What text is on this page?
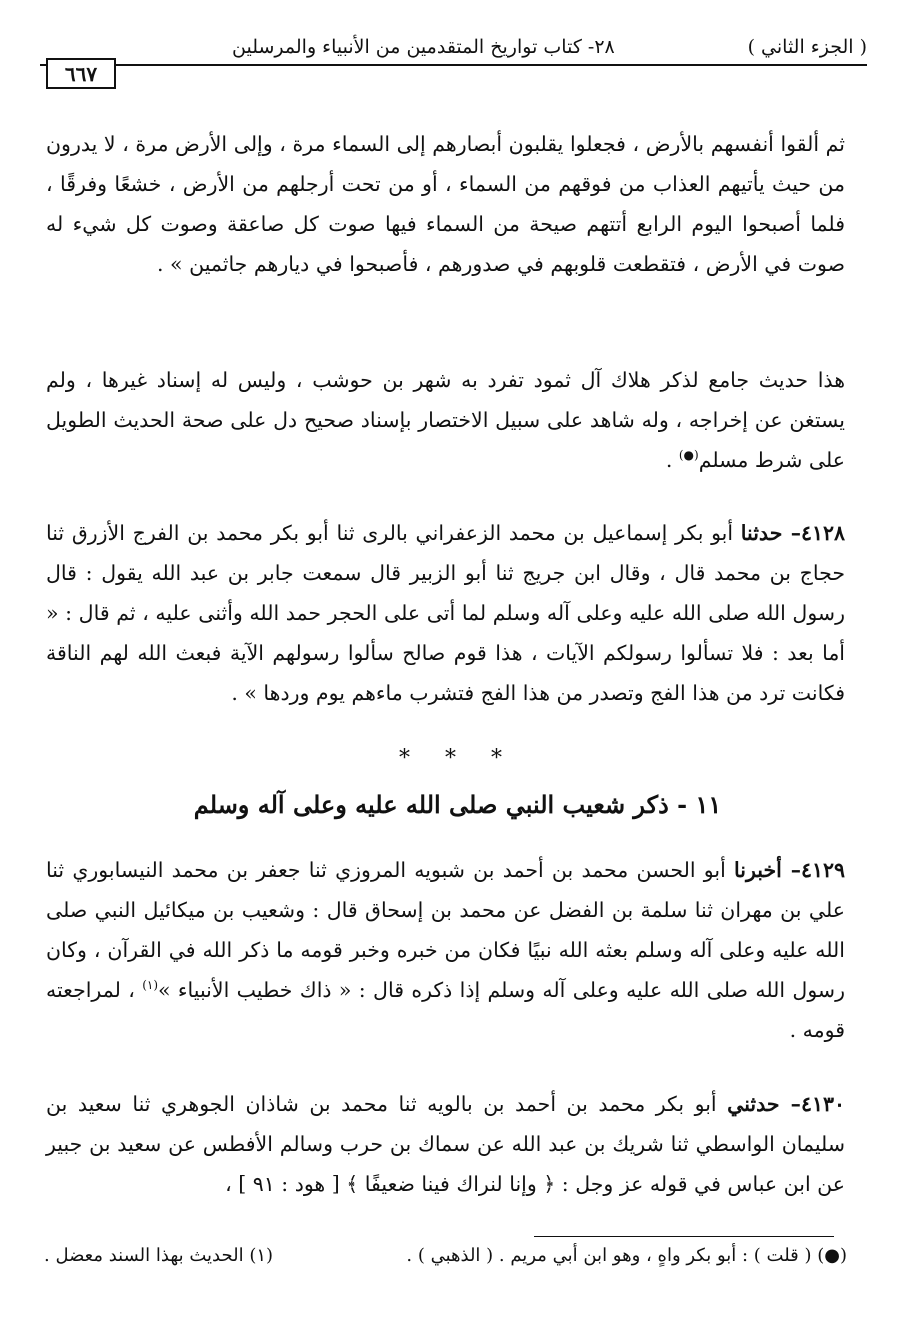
( الجزء الثاني )
٢٨- كتاب تواريخ المتقدمين من الأنبياء والمرسلين
٦٦٧

ثم ألقوا أنفسهم بالأرض ، فجعلوا يقلبون أبصارهم إلى السماء مرة ، وإلى الأرض مرة ، لا يدرون من حيث يأتيهم العذاب من فوقهم من السماء ، أو من تحت أرجلهم من الأرض ، خشعًا وفرقًا ، فلما أصبحوا اليوم الرابع أتتهم صيحة من السماء فيها صوت كل صاعقة وصوت كل شيء له صوت في الأرض ، فتقطعت قلوبهم في صدورهم ، فأصبحوا في ديارهم جاثمين » .

هذا حديث جامع لذكر هلاك آل ثمود تفرد به شهر بن حوشب ، وليس له إسناد غيرها ، ولم يستغن عن إخراجه ، وله شاهد على سبيل الاختصار بإسناد صحيح دل على صحة الحديث الطويل على شرط مسلم(●) .

٤١٢٨– حدثنا أبو بكر إسماعيل بن محمد الزعفراني بالرى ثنا أبو بكر محمد بن الفرج الأزرق ثنا حجاج بن محمد قال ، وقال ابن جريج ثنا أبو الزبير قال سمعت جابر بن عبد الله يقول : قال رسول الله صلى الله عليه وعلى آله وسلم لما أتى على الحجر حمد الله وأثنى عليه ، ثم قال : « أما بعد : فلا تسألوا رسولكم الآيات ، هذا قوم صالح سألوا رسولهم الآية فبعث الله لهم الناقة فكانت ترد من هذا الفج وتصدر من هذا الفج فتشرب ماءهم يوم وردها » .

* * *
١١ - ذكر شعيب النبي صلى الله عليه وعلى آله وسلم

٤١٢٩– أخبرنا أبو الحسن محمد بن أحمد بن شبويه المروزي ثنا جعفر بن محمد النيسابوري ثنا علي بن مهران ثنا سلمة بن الفضل عن محمد بن إسحاق قال : وشعيب بن ميكائيل النبي صلى الله عليه وعلى آله وسلم بعثه الله نبيًا فكان من خبره وخبر قومه ما ذكر الله في القرآن ، وكان رسول الله صلى الله عليه وعلى آله وسلم إذا ذكره قال : « ذاك خطيب الأنبياء »$^{(١)}$ ، لمراجعته قومه .

٤١٣٠– حدثني أبو بكر محمد بن أحمد بن بالويه ثنا محمد بن شاذان الجوهري ثنا سعيد بن سليمان الواسطي ثنا شريك بن عبد الله عن سماك بن حرب وسالم الأفطس عن سعيد بن جبير عن ابن عباس في قوله عز وجل : ﴿ وإنا لنراك فينا ضعيفًا ﴾ [ هود : ٩١ ] ،

(●) ( قلت ) : أبو بكر واهٍ ، وهو ابن أبي مريم . ( الذهبي ) .
(١) الحديث بهذا السند معضل .
